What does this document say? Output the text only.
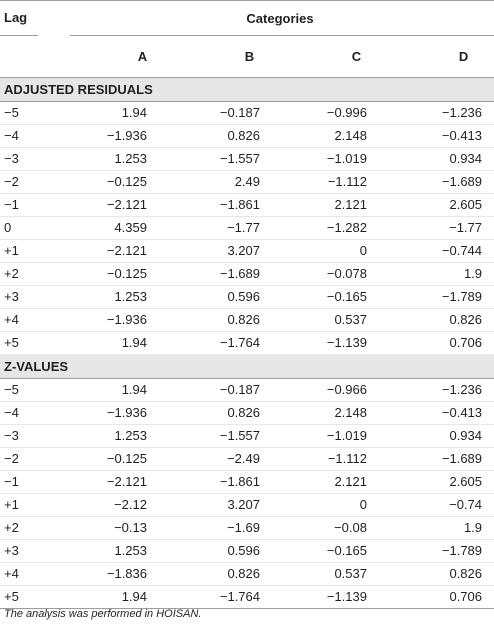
Lag	Categories			
	A	B	C	D
ADJUSTED RESIDUALS				
−5	1.94	−0.187	−0.996	−1.236
−4	−1.936	0.826	2.148	−0.413
−3	1.253	−1.557	−1.019	0.934
−2	−0.125	2.49	−1.112	−1.689
−1	−2.121	−1.861	2.121	2.605
0	4.359	−1.77	−1.282	−1.77
+1	−2.121	3.207	0	−0.744
+2	−0.125	−1.689	−0.078	1.9
+3	1.253	0.596	−0.165	−1.789
+4	−1.936	0.826	0.537	0.826
+5	1.94	−1.764	−1.139	0.706
Z-VALUES				
−5	1.94	−0.187	−0.966	−1.236
−4	−1.936	0.826	2.148	−0.413
−3	1.253	−1.557	−1.019	0.934
−2	−0.125	−2.49	−1.112	−1.689
−1	−2.121	−1.861	2.121	2.605
+1	−2.12	3.207	0	−0.74
+2	−0.13	−1.69	−0.08	1.9
+3	1.253	0.596	−0.165	−1.789
+4	−1.836	0.826	0.537	0.826
+5	1.94	−1.764	−1.139	0.706
The analysis was performed in HOISAN.
